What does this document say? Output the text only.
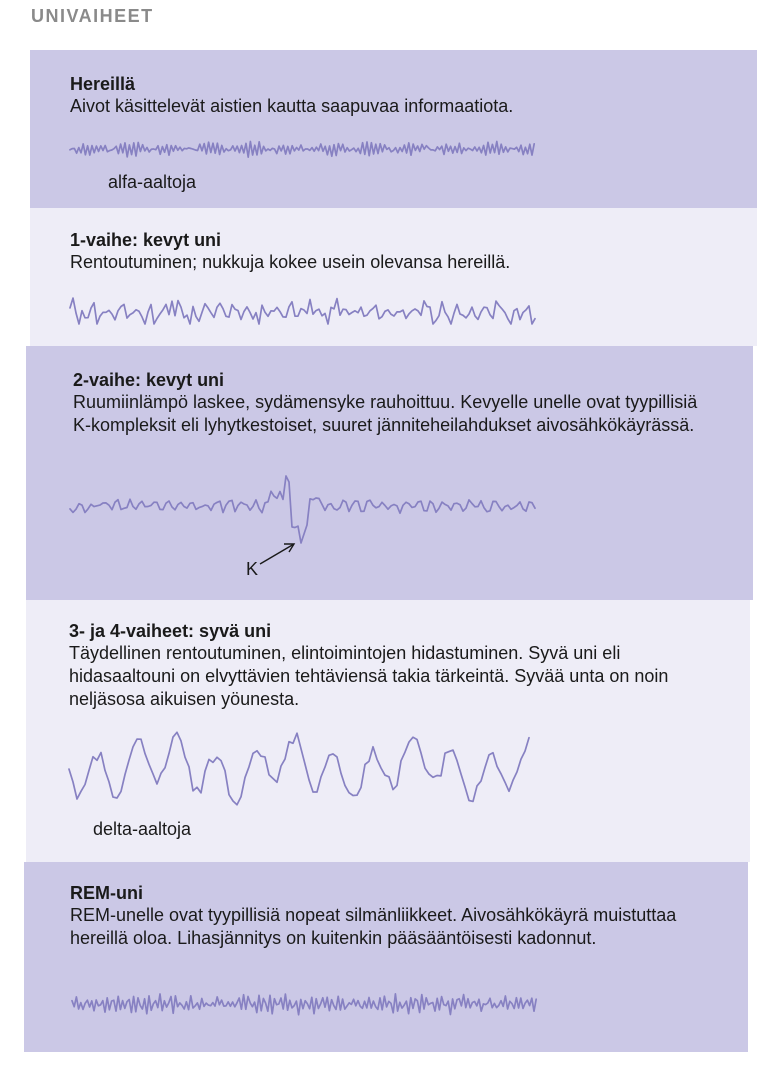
UNIVAIHEET
Hereillä
Aivot käsittelevät aistien kautta saapuvaa informaatiota.
alfa-aaltoja
1-vaihe: kevyt uni
Rentoutuminen; nukkuja kokee usein olevansa hereillä.
2-vaihe: kevyt uni
Ruumiinlämpö laskee, sydämensyke rauhoittuu. Kevyelle unelle ovat tyypillisiä K-kompleksit eli lyhytkestoiset, suuret jänniteheilahdukset aivosähkökäyrässä.
K
3- ja 4-vaiheet: syvä uni
Täydellinen rentoutuminen, elintoimintojen hidastuminen. Syvä uni eli hidasaaltouni on elvyttävien tehtäviensä takia tärkeintä. Syvää unta on noin neljäsosa aikuisen yöunesta.
delta-aaltoja
REM-uni
REM-unelle ovat tyypillisiä nopeat silmänliikkeet. Aivosähkökäyrä muistuttaa hereillä oloa. Lihasjännitys on kuitenkin pääsääntöisesti kadonnut.
